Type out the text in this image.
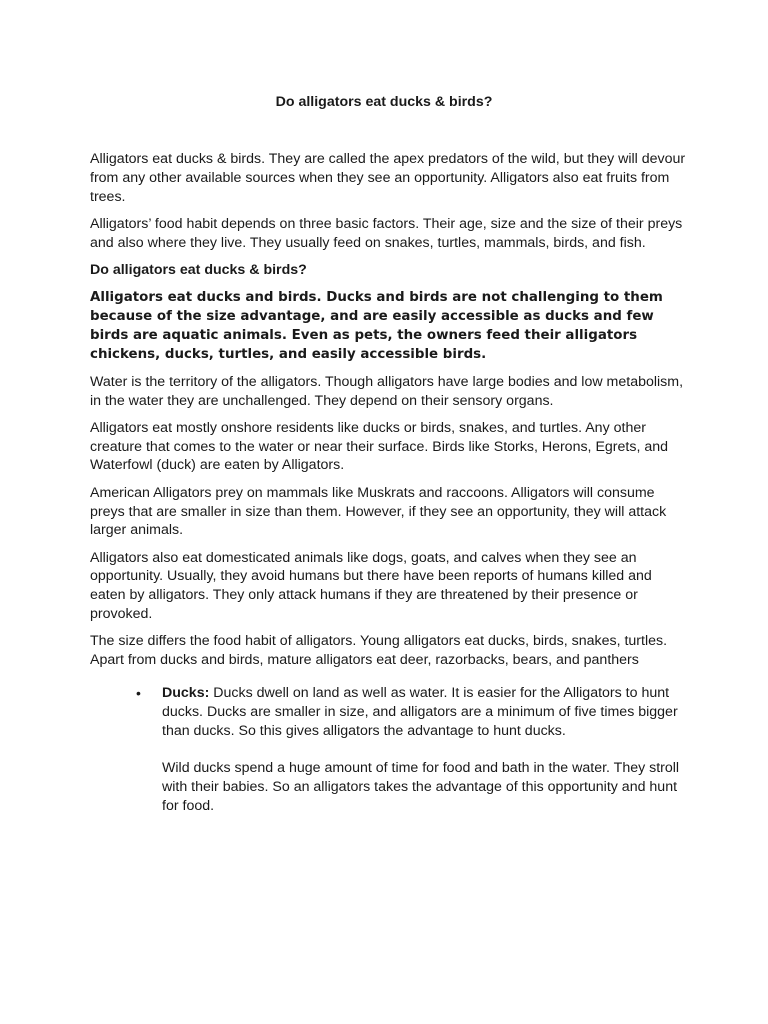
Do alligators eat ducks & birds?

Alligators eat ducks & birds. They are called the apex predators of the wild, but they will devour from any other available sources when they see an opportunity. Alligators also eat fruits from trees.

Alligators’ food habit depends on three basic factors. Their age, size and the size of their preys and also where they live. They usually feed on snakes, turtles, mammals, birds, and fish.

Do alligators eat ducks & birds?

Alligators eat ducks and birds. Ducks and birds are not challenging to them because of the size advantage, and are easily accessible as ducks and few birds are aquatic animals. Even as pets, the owners feed their alligators chickens, ducks, turtles, and easily accessible birds.

Water is the territory of the alligators. Though alligators have large bodies and low metabolism, in the water they are unchallenged. They depend on their sensory organs.

Alligators eat mostly onshore residents like ducks or birds, snakes, and turtles. Any other creature that comes to the water or near their surface. Birds like Storks, Herons, Egrets, and Waterfowl (duck) are eaten by Alligators.

American Alligators prey on mammals like Muskrats and raccoons. Alligators will consume preys that are smaller in size than them. However, if they see an opportunity, they will attack larger animals.

Alligators also eat domesticated animals like dogs, goats, and calves when they see an opportunity. Usually, they avoid humans but there have been reports of humans killed and eaten by alligators. They only attack humans if they are threatened by their presence or provoked.

The size differs the food habit of alligators. Young alligators eat ducks, birds, snakes, turtles. Apart from ducks and birds, mature alligators eat deer, razorbacks, bears, and panthers

• Ducks: Ducks dwell on land as well as water. It is easier for the Alligators to hunt ducks. Ducks are smaller in size, and alligators are a minimum of five times bigger than ducks. So this gives alligators the advantage to hunt ducks.

Wild ducks spend a huge amount of time for food and bath in the water. They stroll with their babies. So an alligators takes the advantage of this opportunity and hunt for food.
